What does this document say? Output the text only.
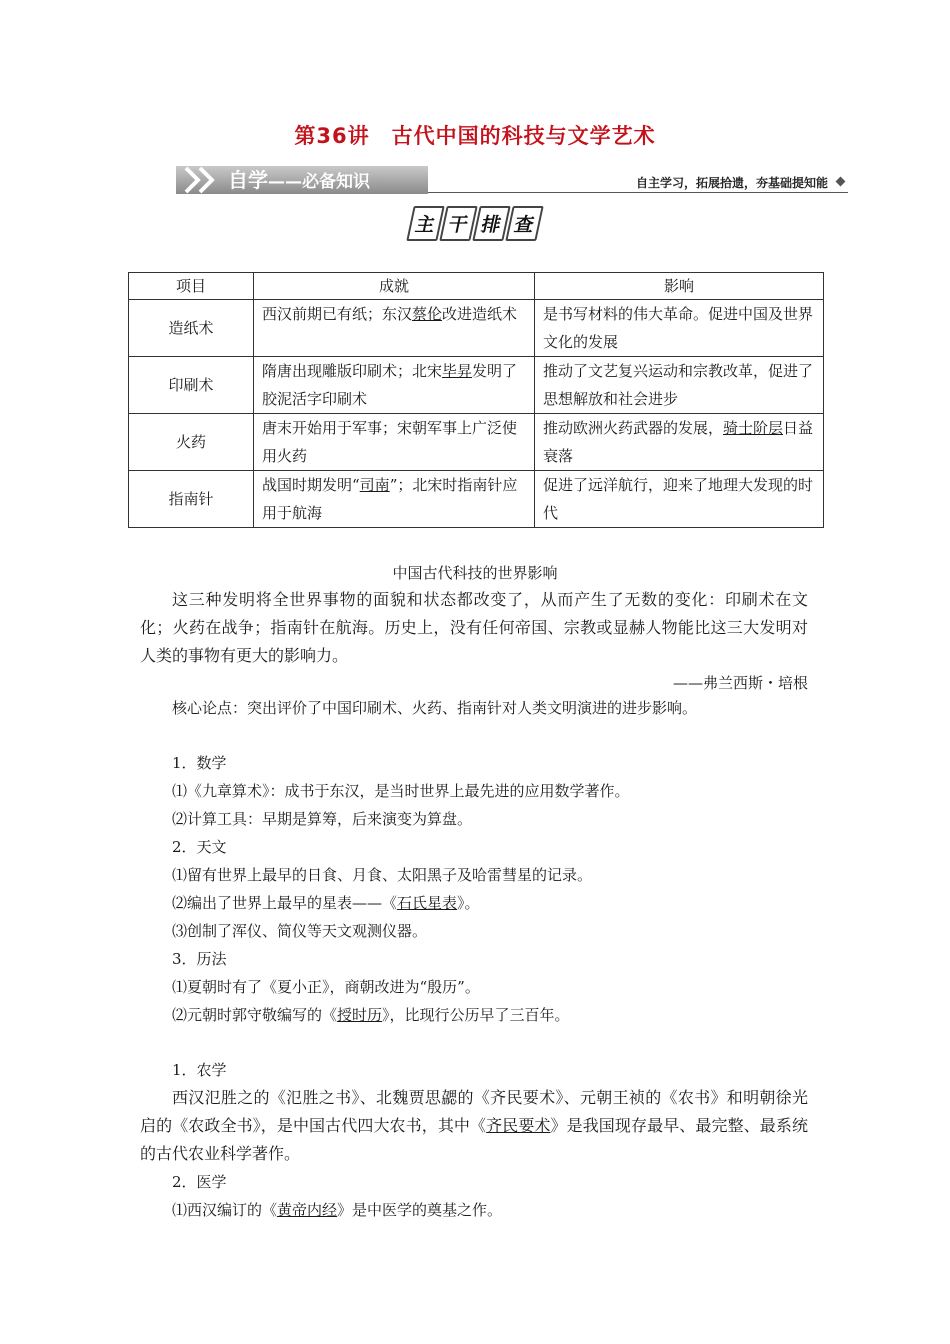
第36讲　古代中国的科技与文学艺术
自学——必备知识	自主学习，拓展拾遗，夯基础提知能
主 干 排 查
项目	成就	影响
造纸术	西汉前期已有纸；东汉蔡伦改进造纸术	是书写材料的伟大革命。促进中国及世界文化的发展
印刷术	隋唐出现雕版印刷术；北宋毕昇发明了胶泥活字印刷术	推动了文艺复兴运动和宗教改革，促进了思想解放和社会进步
火药	唐末开始用于军事；宋朝军事上广泛使用火药	推动欧洲火药武器的发展，骑士阶层日益衰落
指南针	战国时期发明“司南”；北宋时指南针应用于航海	促进了远洋航行，迎来了地理大发现的时代
中国古代科技的世界影响
这三种发明将全世界事物的面貌和状态都改变了，从而产生了无数的变化：印刷术在文化；火药在战争；指南针在航海。历史上，没有任何帝国、宗教或显赫人物能比这三大发明对人类的事物有更大的影响力。
——弗兰西斯・培根
核心论点：突出评价了中国印刷术、火药、指南针对人类文明演进的进步影响。
1．数学
⑴《九章算术》：成书于东汉，是当时世界上最先进的应用数学著作。
⑵计算工具：早期是算筹，后来演变为算盘。
2．天文
⑴留有世界上最早的日食、月食、太阳黑子及哈雷彗星的记录。
⑵编出了世界上最早的星表——《石氏星表》。
⑶创制了浑仪、简仪等天文观测仪器。
3．历法
⑴夏朝时有了《夏小正》，商朝改进为“殷历”。
⑵元朝时郭守敬编写的《授时历》，比现行公历早了三百年。
1．农学
西汉氾胜之的《氾胜之书》、北魏贾思勰的《齐民要术》、元朝王祯的《农书》和明朝徐光启的《农政全书》，是中国古代四大农书，其中《齐民要术》是我国现存最早、最完整、最系统的古代农业科学著作。
2．医学
⑴西汉编订的《黄帝内经》是中医学的奠基之作。
